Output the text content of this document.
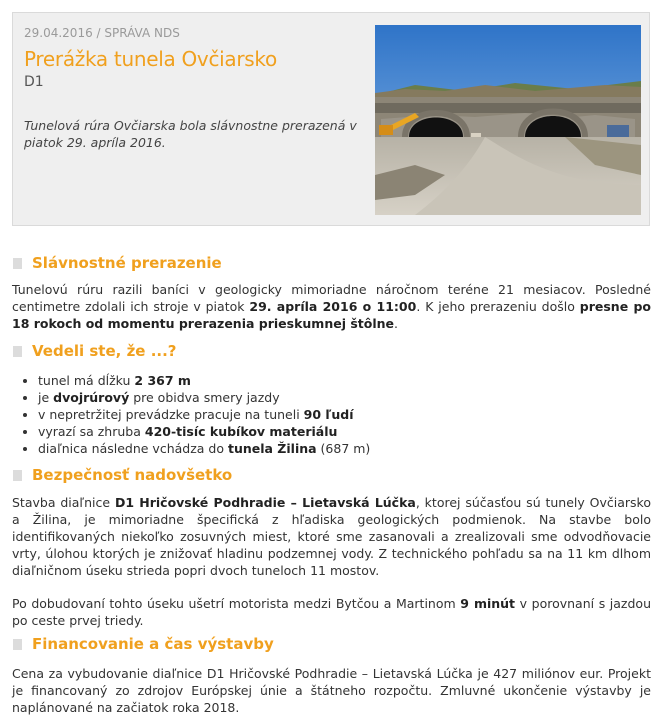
29.04.2016 / SPRÁVA NDS
Prerážka tunela Ovčiarsko
D1
Tunelová rúra Ovčiarska bola slávnostne prerazená v piatok 29. apríla 2016.
Slávnostné prerazenie

Tunelovú rúru razili baníci v geologicky mimoriadne náročnom teréne 21 mesiacov. Posledné centimetre zdolali ich stroje v piatok 29. apríla 2016 o 11:00. K jeho prerazeniu došlo presne po 18 rokoch od momentu prerazenia prieskumnej štôlne.

Vedeli ste, že ...?
• tunel má dĺžku 2 367 m
• je dvojrúrový pre obidva smery jazdy
• v nepretržitej prevádzke pracuje na tuneli 90 ľudí
• vyrazí sa zhruba 420-tisíc kubíkov materiálu
• diaľnica následne vchádza do tunela Žilina (687 m)
Bezpečnosť nadovšetko

Stavba diaľnice D1 Hričovské Podhradie – Lietavská Lúčka, ktorej súčasťou sú tunely Ovčiarsko a Žilina, je mimoriadne špecifická z hľadiska geologických podmienok. Na stavbe bolo identifikovaných niekoľko zosuvných miest, ktoré sme zasanovali a zrealizovali sme odvodňovacie vrty, úlohou ktorých je znižovať hladinu podzemnej vody. Z technického pohľadu sa na 11 km dlhom diaľničnom úseku strieda popri dvoch tuneloch 11 mostov.

Po dobudovaní tohto úseku ušetrí motorista medzi Bytčou a Martinom 9 minút v porovnaní s jazdou po ceste prvej triedy.

Financovanie a čas výstavby

Cena za vybudovanie diaľnice D1 Hričovské Podhradie – Lietavská Lúčka je 427 miliónov eur. Projekt je financovaný zo zdrojov Európskej únie a štátneho rozpočtu. Zmluvné ukončenie výstavby je naplánované na začiatok roka 2018.
